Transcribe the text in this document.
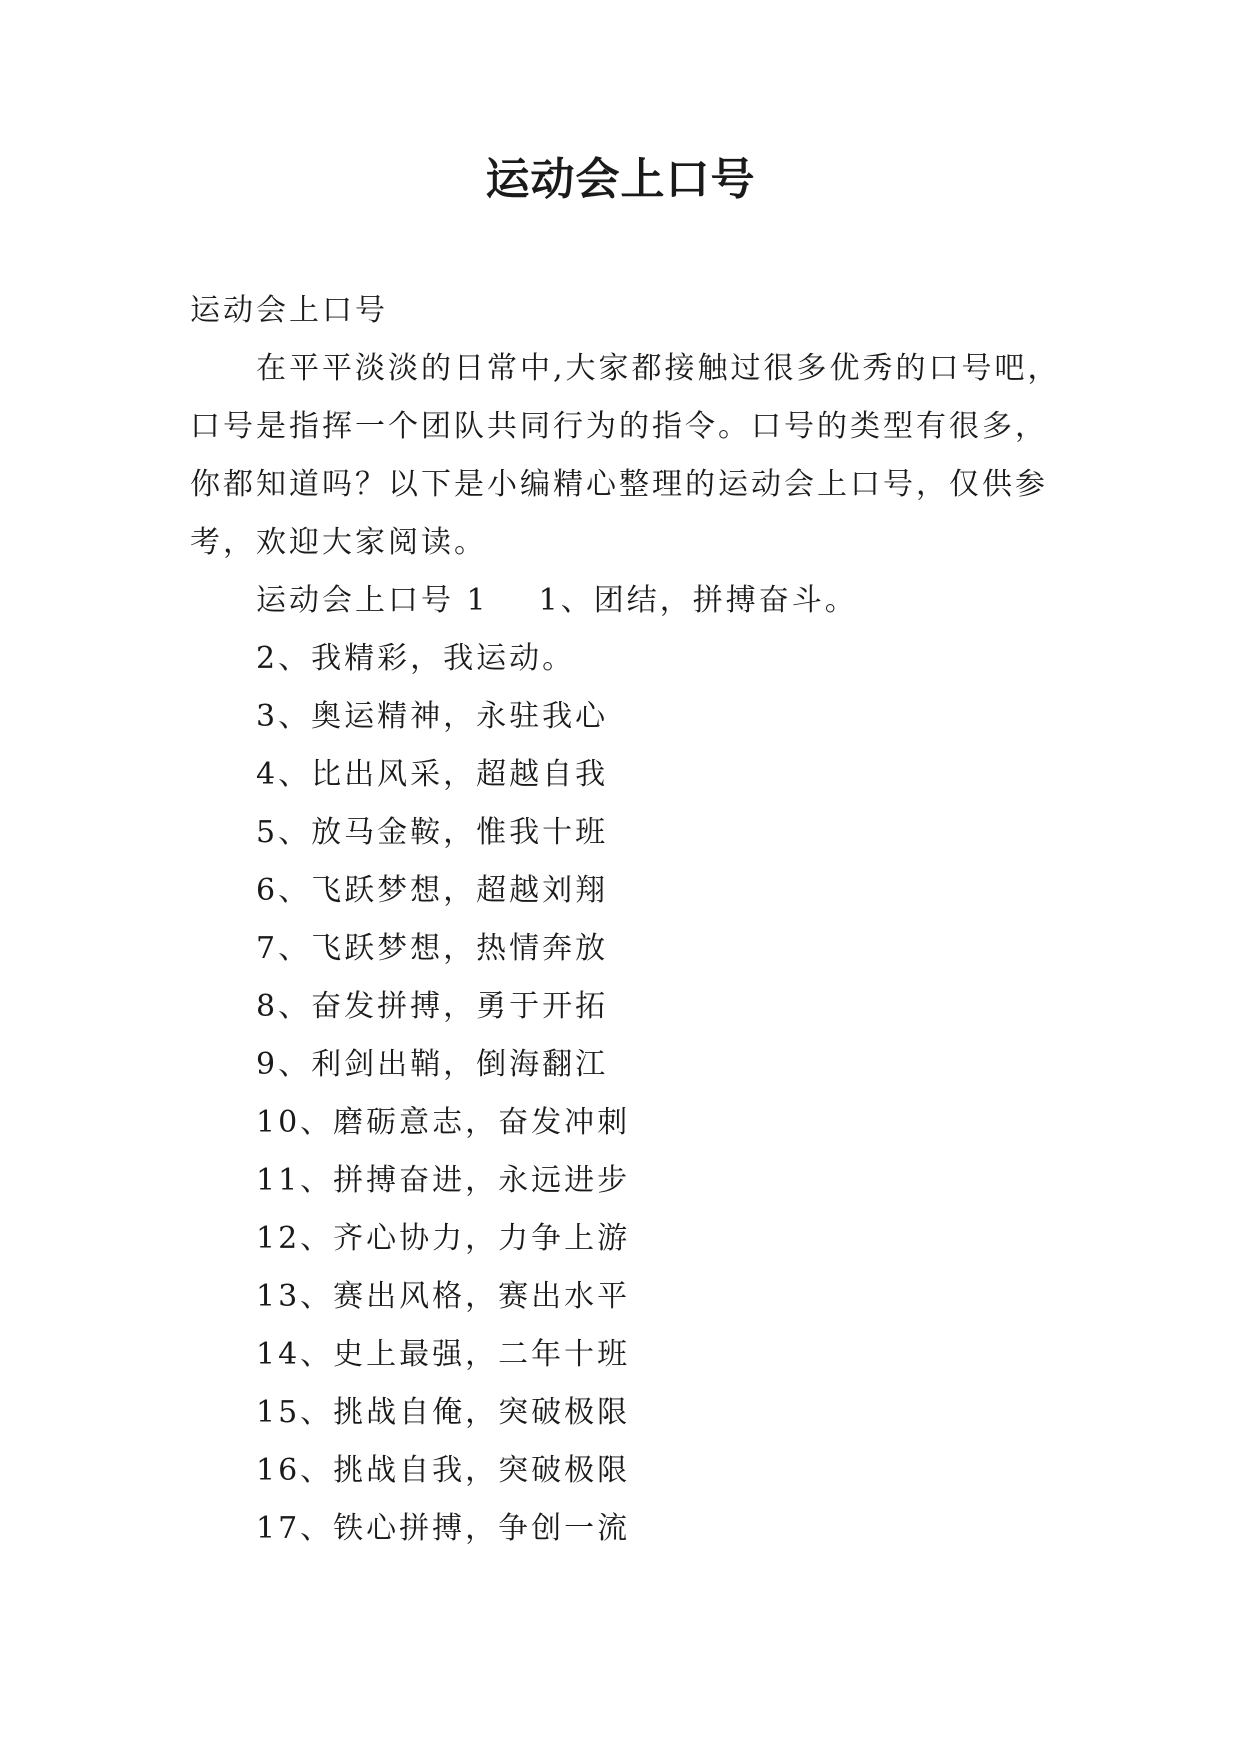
运动会上口号
运动会上口号

在平平淡淡的日常中,大家都接触过很多优秀的口号吧，口号是指挥一个团队共同行为的指令。口号的类型有很多，你都知道吗？以下是小编精心整理的运动会上口号，仅供参考，欢迎大家阅读。

运动会上口号 1 1、团结，拼搏奋斗。
2、我精彩，我运动。
3、奥运精神，永驻我心
4、比出风采，超越自我
5、放马金鞍，惟我十班
6、飞跃梦想，超越刘翔
7、飞跃梦想，热情奔放
8、奋发拼搏，勇于开拓
9、利剑出鞘，倒海翻江
10、磨砺意志，奋发冲刺
11、拼搏奋进，永远进步
12、齐心协力，力争上游
13、赛出风格，赛出水平
14、史上最强，二年十班
15、挑战自俺，突破极限
16、挑战自我，突破极限
17、铁心拼搏，争创一流
